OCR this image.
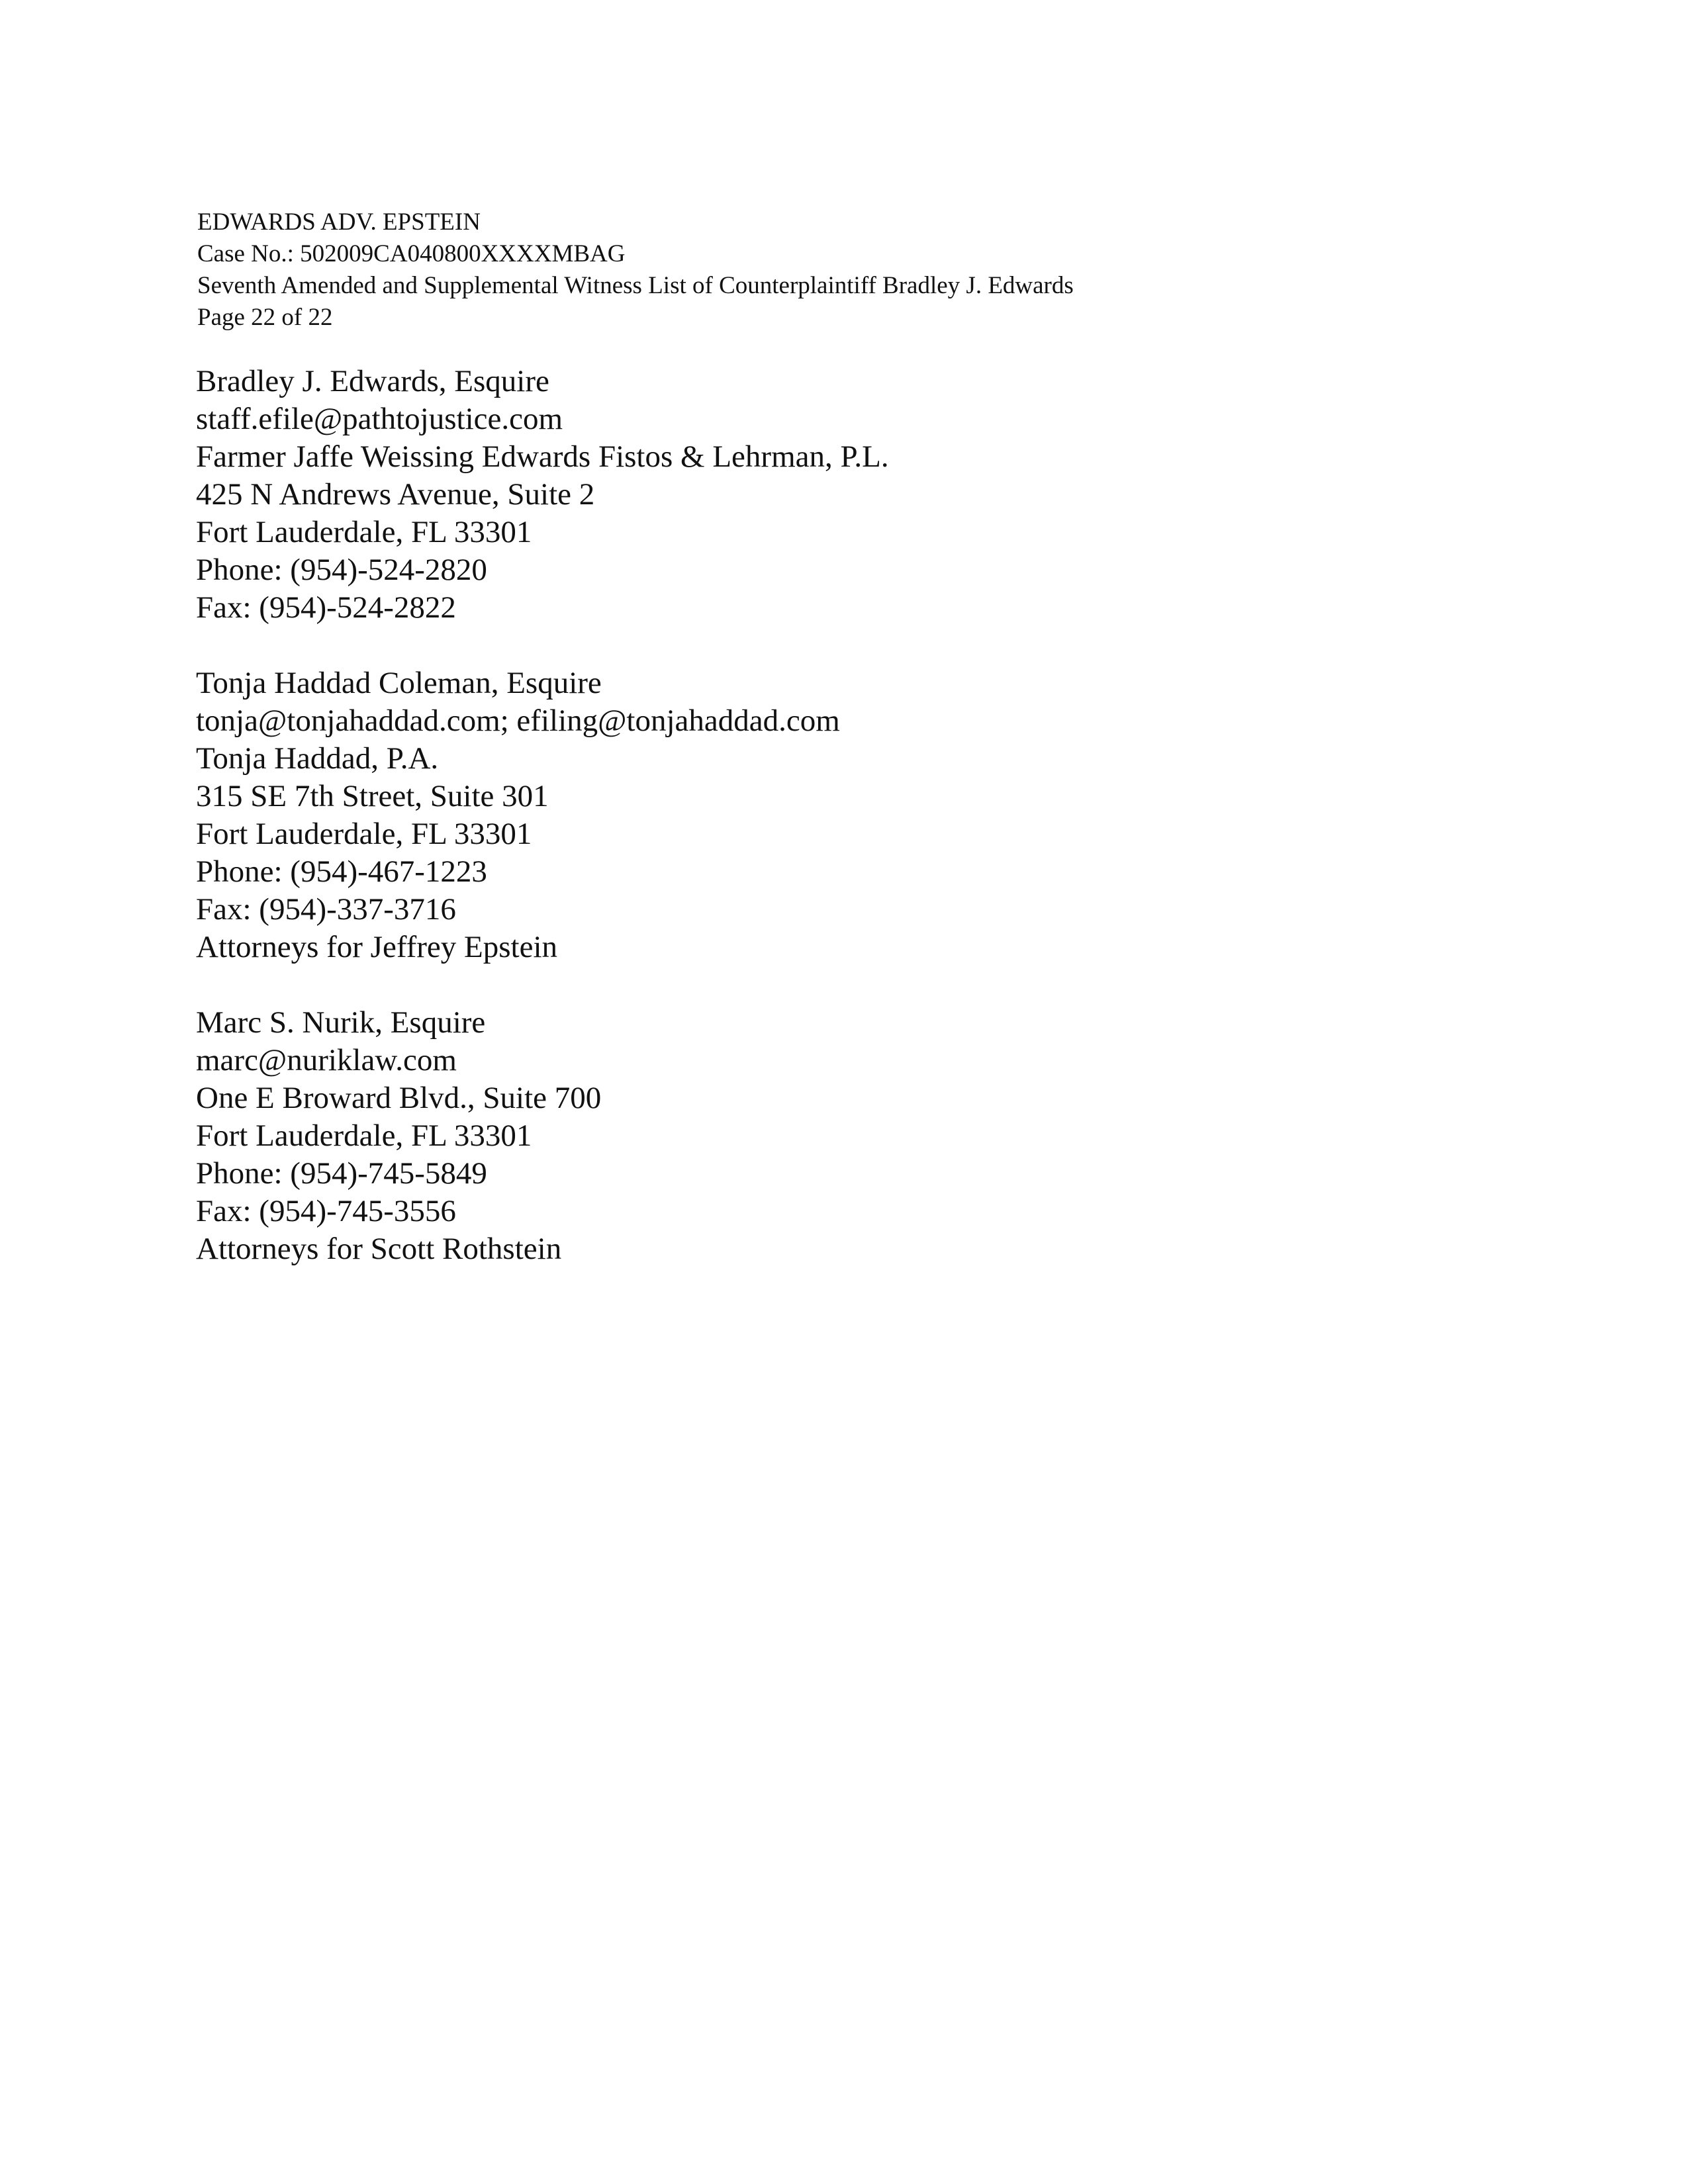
EDWARDS ADV. EPSTEIN
Case No.: 502009CA040800XXXXMBAG
Seventh Amended and Supplemental Witness List of Counterplaintiff Bradley J. Edwards
Page 22 of 22
Bradley J. Edwards, Esquire
staff.efile@pathtojustice.com
Farmer Jaffe Weissing Edwards Fistos & Lehrman, P.L.
425 N Andrews Avenue, Suite 2
Fort Lauderdale, FL 33301
Phone: (954)-524-2820
Fax: (954)-524-2822
Tonja Haddad Coleman, Esquire
tonja@tonjahaddad.com; efiling@tonjahaddad.com
Tonja Haddad, P.A.
315 SE 7th Street, Suite 301
Fort Lauderdale, FL 33301
Phone: (954)-467-1223
Fax: (954)-337-3716
Attorneys for Jeffrey Epstein
Marc S. Nurik, Esquire
marc@nuriklaw.com
One E Broward Blvd., Suite 700
Fort Lauderdale, FL 33301
Phone: (954)-745-5849
Fax: (954)-745-3556
Attorneys for Scott Rothstein
